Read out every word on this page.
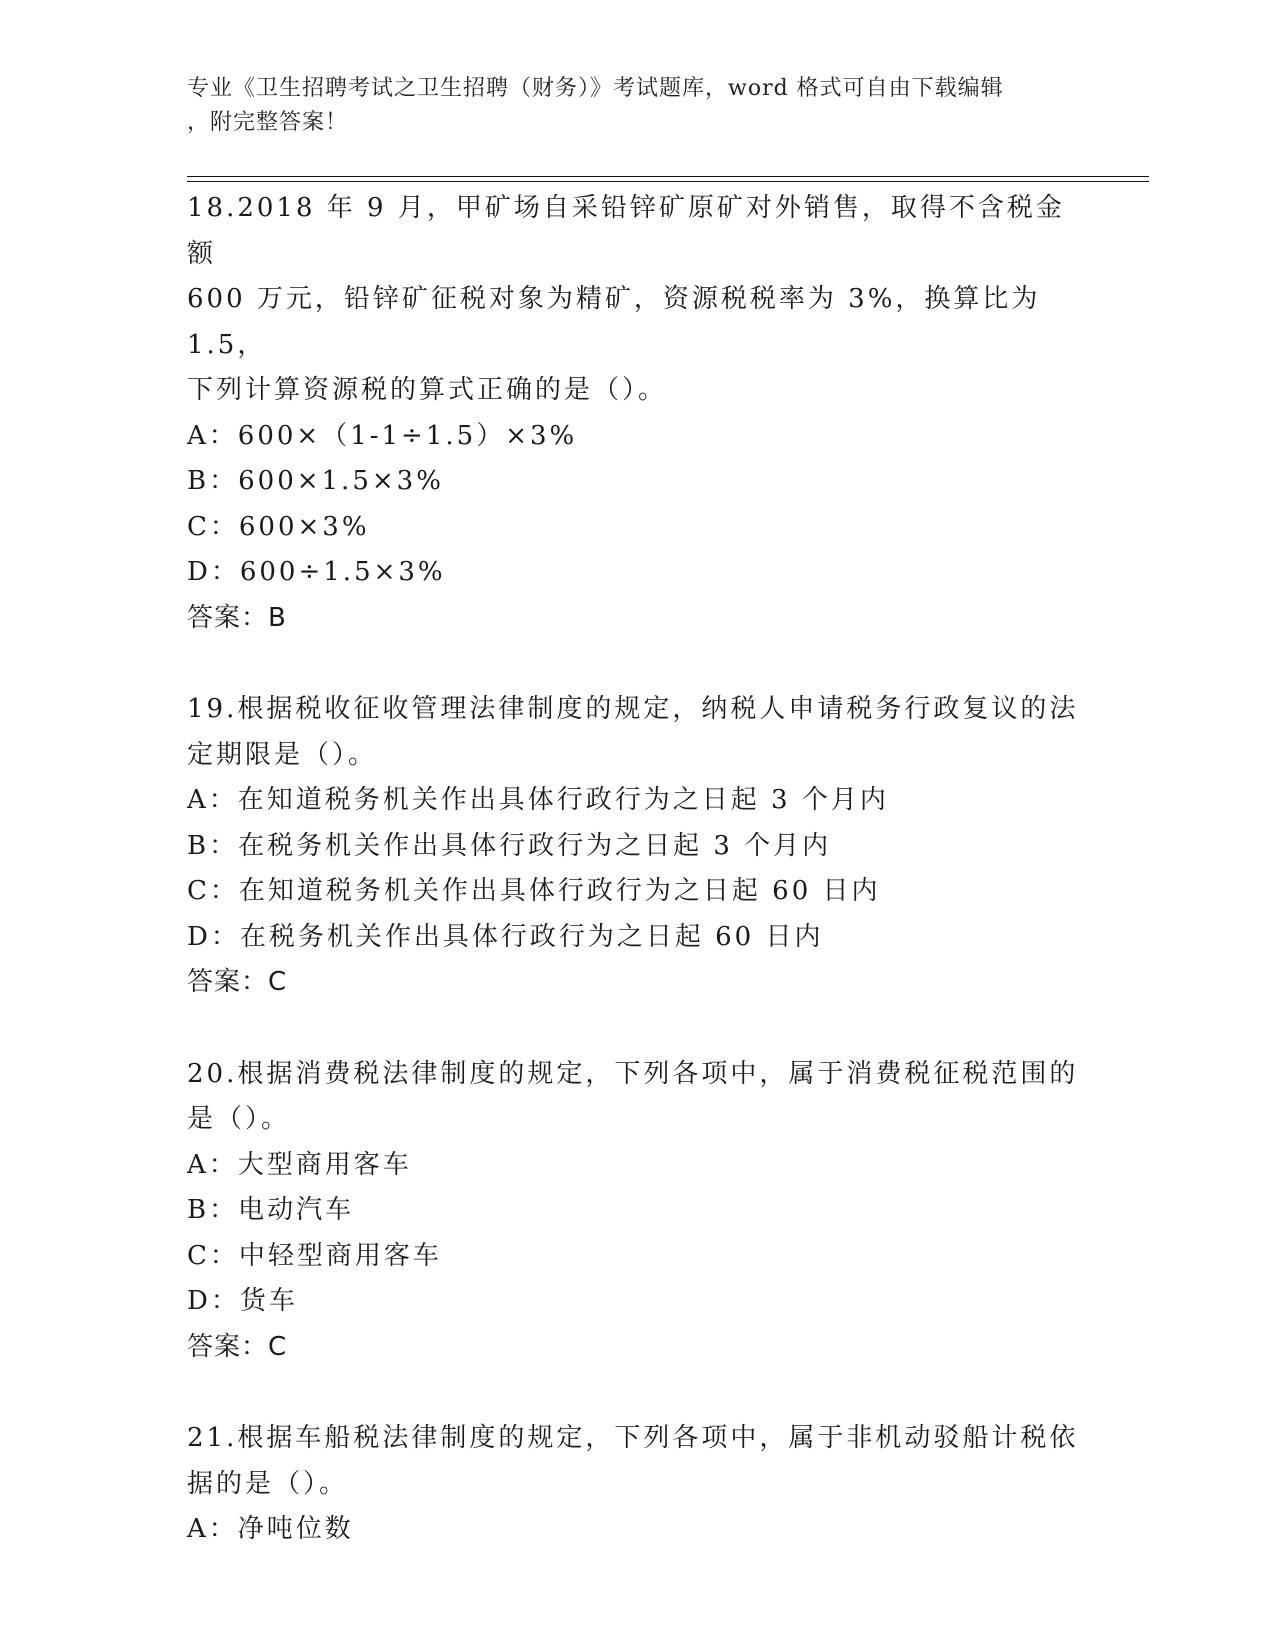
专业《卫生招聘考试之卫生招聘（财务）》考试题库，word 格式可自由下载编辑
，附完整答案！

18.2018 年 9 月，甲矿场自采铅锌矿原矿对外销售，取得不含税金额

600 万元，铅锌矿征税对象为精矿，资源税税率为 3%，换算比为 1.5，

下列计算资源税的算式正确的是（）。

A：600×（1-1÷1.5）×3%

B：600×1.5×3%

C：600×3%

D：600÷1.5×3%

答案：B

19.根据税收征收管理法律制度的规定，纳税人申请税务行政复议的法

定期限是（）。

A：在知道税务机关作出具体行政行为之日起 3 个月内

B：在税务机关作出具体行政行为之日起 3 个月内

C：在知道税务机关作出具体行政行为之日起 60 日内

D：在税务机关作出具体行政行为之日起 60 日内

答案：C

20.根据消费税法律制度的规定，下列各项中，属于消费税征税范围的

是（）。

A：大型商用客车

B：电动汽车

C：中轻型商用客车

D：货车

答案：C

21.根据车船税法律制度的规定，下列各项中，属于非机动驳船计税依

据的是（）。

A：净吨位数
